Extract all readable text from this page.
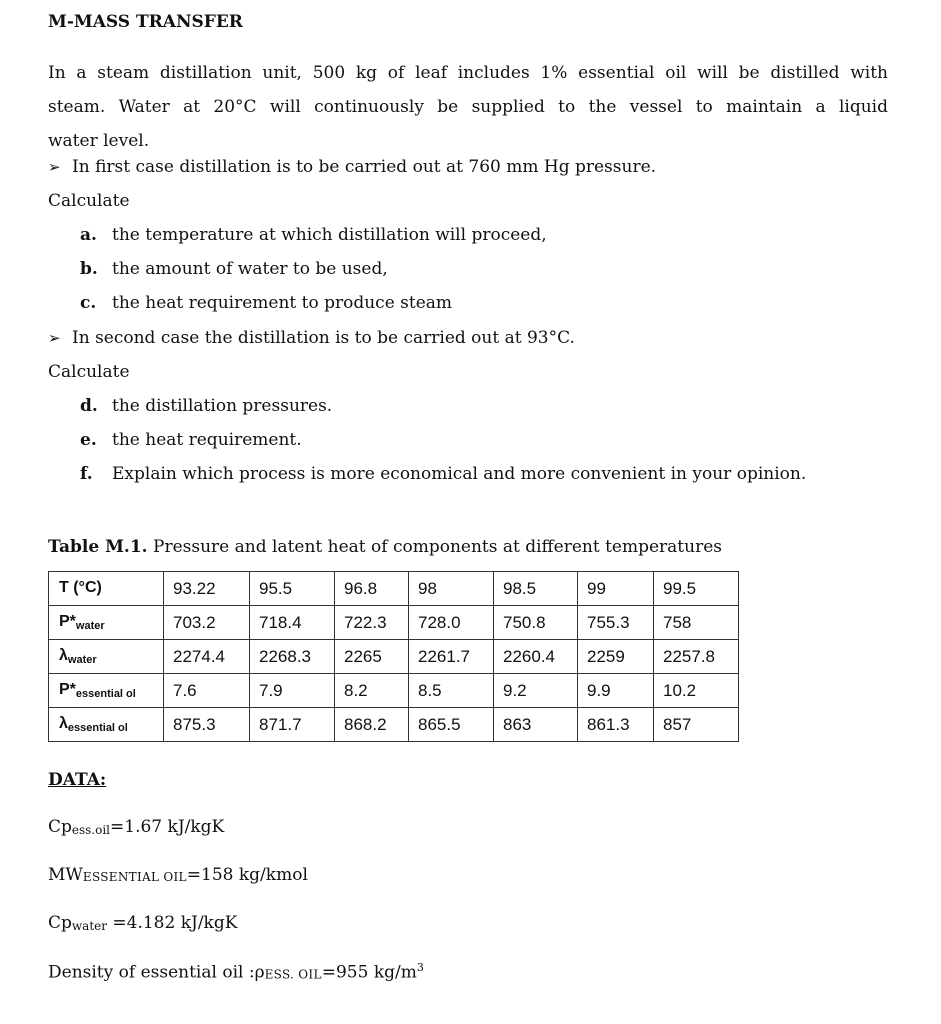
M-MASS TRANSFER
In a steam distillation unit, 500 kg of leaf includes 1% essential oil will be distilled with
steam. Water at 20°C will continuously be supplied to the vessel to maintain a liquid
water level.
➢ In first case distillation is to be carried out at 760 mm Hg pressure.
Calculate
a. the temperature at which distillation will proceed,
b. the amount of water to be used,
c. the heat requirement to produce steam
➢ In second case the distillation is to be carried out at 93°C.
Calculate
d. the distillation pressures.
e. the heat requirement.
f. Explain which process is more economical and more convenient in your opinion.
Table M.1. Pressure and latent heat of components at different temperatures
T (°C)	93.22	95.5	96.8	98	98.5	99	99.5
$P*_{water}$	703.2	718.4	722.3	728.0	750.8	755.3	758
$\lambda_{water}$	2274.4	2268.3	2265	2261.7	2260.4	2259	2257.8
$P*_{essential ol}$	7.6	7.9	8.2	8.5	9.2	9.9	10.2
$\lambda_{essential ol}$	875.3	871.7	868.2	865.5	863	861.3	857
DATA:
Cpess.oil=1.67 kJ/kgK
MWESSENTIAL OIL=158 kg/kmol
Cpwater =4.182 kJ/kgK
Density of essential oil :ρESS. OIL=955 $kg/m^3$
